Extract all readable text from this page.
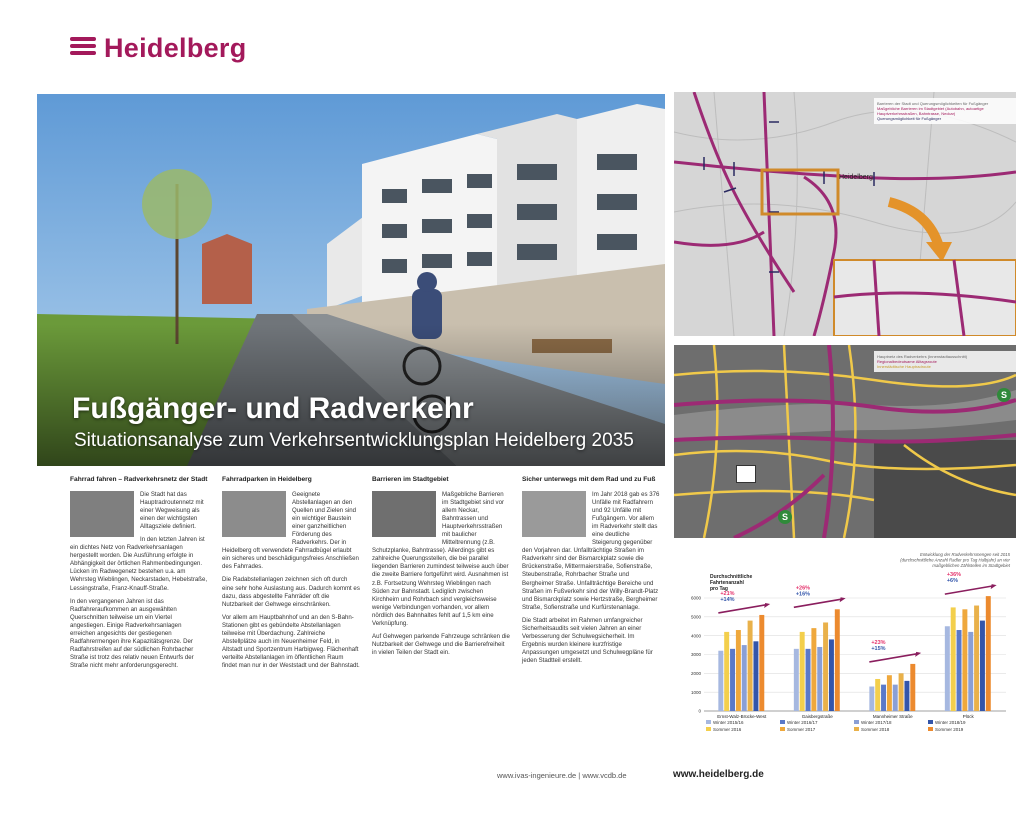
Heidelberg
Fußgänger- und Radverkehr
Situationsanalyse zum Verkehrsentwicklungsplan Heidelberg 2035
Fahrrad fahren – Radverkehrsnetz der Stadt

Die Stadt hat das Hauptradroutennetz mit einer Wegweisung als einen der wichtigsten Alltagsziele definiert.

In den letzten Jahren ist ein dichtes Netz von Radverkehrsanlagen hergestellt worden. Die Ausführung erfolgte in Abhängigkeit der örtlichen Rahmenbedingungen. Lücken im Radwegenetz bestehen u.a. am Wehrsteg Wieblingen, Neckarstaden, Hebelstraße, Lessingstraße, Franz-Knauff-Straße.

In den vergangenen Jahren ist das Radfahreraufkommen an ausgewählten Querschnitten teilweise um ein Viertel angestiegen. Einige Radverkehrsanlagen erreichen angesichts der gestiegenen Radfahrermengen ihre Kapazitätsgrenze. Der Radfahrstreifen auf der südlichen Rohrbacher Straße ist trotz des relativ neuen Entwurfs der Straße nicht mehr anforderungsgerecht.

Fahrradparken in Heidelberg

Geeignete Abstellanlagen an den Quellen und Zielen sind ein wichtiger Baustein einer ganzheitlichen Förderung des Radverkehrs. Der in Heidelberg oft verwendete Fahrradbügel erlaubt ein sicheres und beschädigungsfreies Anschließen des Fahrrades.

Die Radabstellanlagen zeichnen sich oft durch eine sehr hohe Auslastung aus. Dadurch kommt es dazu, dass abgestellte Fahrräder oft die Nutzbarkeit der Gehwege einschränken.

Vor allem am Hauptbahnhof und an den S-Bahn-Stationen gibt es gebündelte Abstellanlagen teilweise mit Überdachung. Zahlreiche Abstellplätze auch im Neuenheimer Feld, in Altstadt und Sportzentrum Harbigweg. Flächenhaft verteilte Abstellanlagen im öffentlichen Raum findet man nur in der Weststadt und der Bahnstadt.

Barrieren im Stadtgebiet

Maßgebliche Barrieren im Stadtgebiet sind vor allem Neckar, Bahntrassen und Hauptverkehrsstraßen mit baulicher Mitteltrennung (z.B. Schutzplanke, Bahntrasse). Allerdings gibt es zahlreiche Querungsstellen, die bei parallel liegenden Barrieren zumindest teilweise auch über die zweite Barriere fortgeführt wird. Ausnahmen ist z.B. Fortsetzung Wehrsteg Wieblingen nach Süden zur Bahnstadt. Lediglich zwischen Kirchheim und Rohrbach sind vergleichsweise wenige Verbindungen vorhanden, vor allem nördlich des Bahnhaltes fehlt auf 1,5 km eine Verknüpfung.

Auf Gehwegen parkende Fahrzeuge schränken die Nutzbarkeit der Gehwege und die Barrierefreiheit in vielen Teilen der Stadt ein.

Sicher unterwegs mit dem Rad und zu Fuß

Im Jahr 2018 gab es 376 Unfälle mit Radfahrern und 92 Unfälle mit Fußgängern. Vor allem im Radverkehr stellt das eine deutliche Steigerung gegenüber den Vorjahren dar. Unfallträchtige Straßen im Radverkehr sind der Bismarckplatz sowie die Brückenstraße, Mittermaierstraße, Sofienstraße, Steubenstraße, Rohrbacher Straße und Bergheimer Straße. Unfallträchtige Bereiche und Straßen im Fußverkehr sind der Willy-Brandt-Platz und Bismarckplatz sowie Hertzstraße, Bergheimer Straße, Sofienstraße und Kurfürstenanlage.

Die Stadt arbeitet im Rahmen umfangreicher Sicherheitsaudits seit vielen Jahren an einer Verbesserung der Schulwegsicherheit. Im Ergebnis wurden kleinere kurzfristige Anpassungen umgesetzt und Schulwegpläne für jeden Stadtteil erstellt.

Barrieren der Stadt und Querungsmöglichkeiten für Fußgänger
Maßgebliche Barrieren im Stadtgebiet (Autobahn, autoartige Hauptverkehrsstraßen, Bahntrasse, Neckar)
Querungsmöglichkeit für Fußgänger
Heidelberg
Hauptnetz des Radverkehrs (Innenstadtausschnitt)
Regionalbedeutsame Alltagsroute
Innerstädtische Hauptradroute
S
S
Entwicklung der Radverkehrsmengen seit 2015
(durchschnittliche Anzahl Radler pro Tag Halbjahr) an vier
maßgeblichen Zählstellen im Stadtgebiet
Durchschnittliche
Fahrtenanzahl
pro Tag
0
1000
2000
3000
4000
5000
6000
Ernst-Walz-Brücke-West
+21%
+14%
Gaisbergstraße
+26%
+16%
Mannheimer Straße
+23%
+15%
Plöck
+36%
+6%
Winter 2015/16
Sommer 2016
Winter 2016/17
Sommer 2017
Winter 2017/18
Sommer 2018
Winter 2018/19
Sommer 2019
www.ivas-ingenieure.de | www.vcdb.de	www.heidelberg.de
